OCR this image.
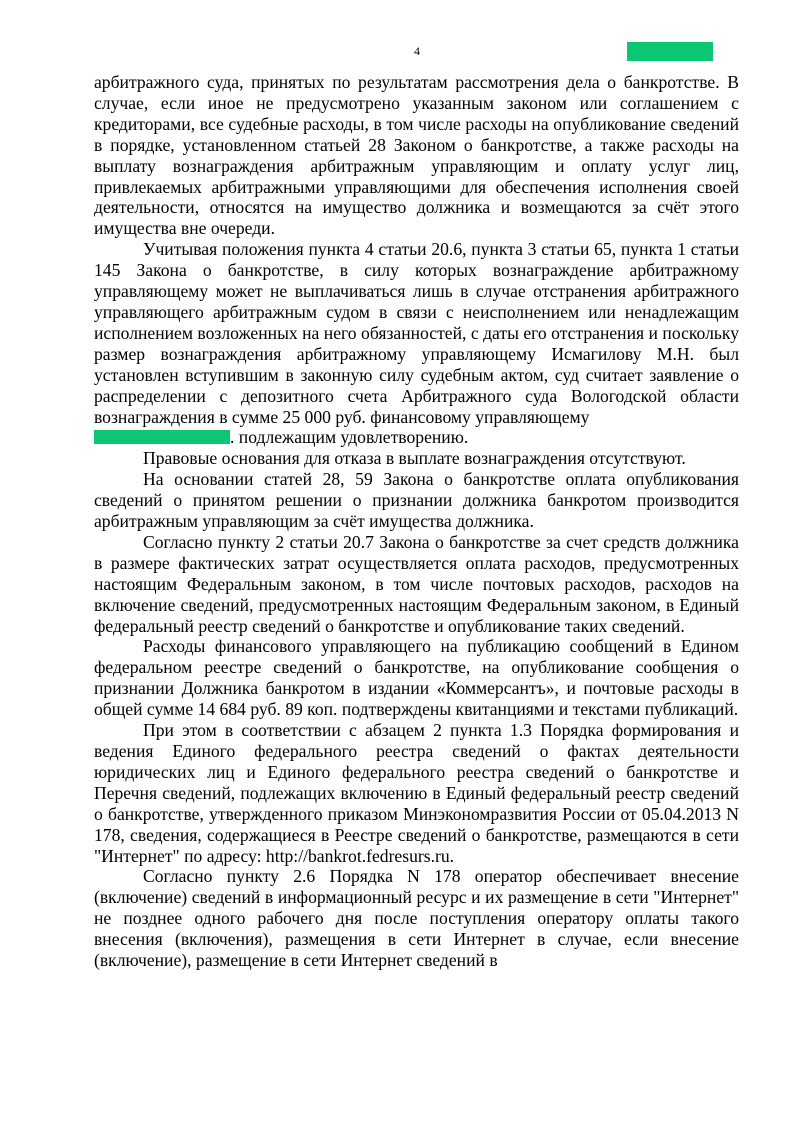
4

арбитражного суда, принятых по результатам рассмотрения дела о банкротстве. В случае, если иное не предусмотрено указанным законом или соглашением с кредиторами, все судебные расходы, в том числе расходы на опубликование сведений в порядке, установленном статьей 28 Законом о банкротстве, а также расходы на выплату вознаграждения арбитражным управляющим и оплату услуг лиц, привлекаемых арбитражными управляющими для обеспечения исполнения своей деятельности, относятся на имущество должника и возмещаются за счёт этого имущества вне очереди.

Учитывая положения пункта 4 статьи 20.6, пункта 3 статьи 65, пункта 1 статьи 145 Закона о банкротстве, в силу которых вознаграждение арбитражному управляющему может не выплачиваться лишь в случае отстранения арбитражного управляющего арбитражным судом в связи с неисполнением или ненадлежащим исполнением возложенных на него обязанностей, с даты его отстранения и поскольку размер вознаграждения арбитражному управляющему Исмагилову М.Н. был установлен вступившим в законную силу судебным актом, суд считает заявление о распределении с депозитного счета Арбитражного суда Вологодской области вознаграждения в сумме 25 000 руб. финансовому управляющему
. подлежащим удовлетворению.

Правовые основания для отказа в выплате вознаграждения отсутствуют.

На основании статей 28, 59 Закона о банкротстве оплата опубликования сведений о принятом решении о признании должника банкротом производится арбитражным управляющим за счёт имущества должника.

Согласно пункту 2 статьи 20.7 Закона о банкротстве за счет средств должника в размере фактических затрат осуществляется оплата расходов, предусмотренных настоящим Федеральным законом, в том числе почтовых расходов, расходов на включение сведений, предусмотренных настоящим Федеральным законом, в Единый федеральный реестр сведений о банкротстве и опубликование таких сведений.

Расходы финансового управляющего на публикацию сообщений в Едином федеральном реестре сведений о банкротстве, на опубликование сообщения о признании Должника банкротом в издании «Коммерсантъ», и почтовые расходы в общей сумме 14 684 руб. 89 коп. подтверждены квитанциями и текстами публикаций.

При этом в соответствии с абзацем 2 пункта 1.3 Порядка формирования и ведения Единого федерального реестра сведений о фактах деятельности юридических лиц и Единого федерального реестра сведений о банкротстве и Перечня сведений, подлежащих включению в Единый федеральный реестр сведений о банкротстве, утвержденного приказом Минэкономразвития России от 05.04.2013 N 178, сведения, содержащиеся в Реестре сведений о банкротстве, размещаются в сети "Интернет" по адресу: http://bankrot.fedresurs.ru.

Согласно пункту 2.6 Порядка N 178 оператор обеспечивает внесение (включение) сведений в информационный ресурс и их размещение в сети "Интернет" не позднее одного рабочего дня после поступления оператору оплаты такого внесения (включения), размещения в сети Интернет в случае, если внесение (включение), размещение в сети Интернет сведений в
